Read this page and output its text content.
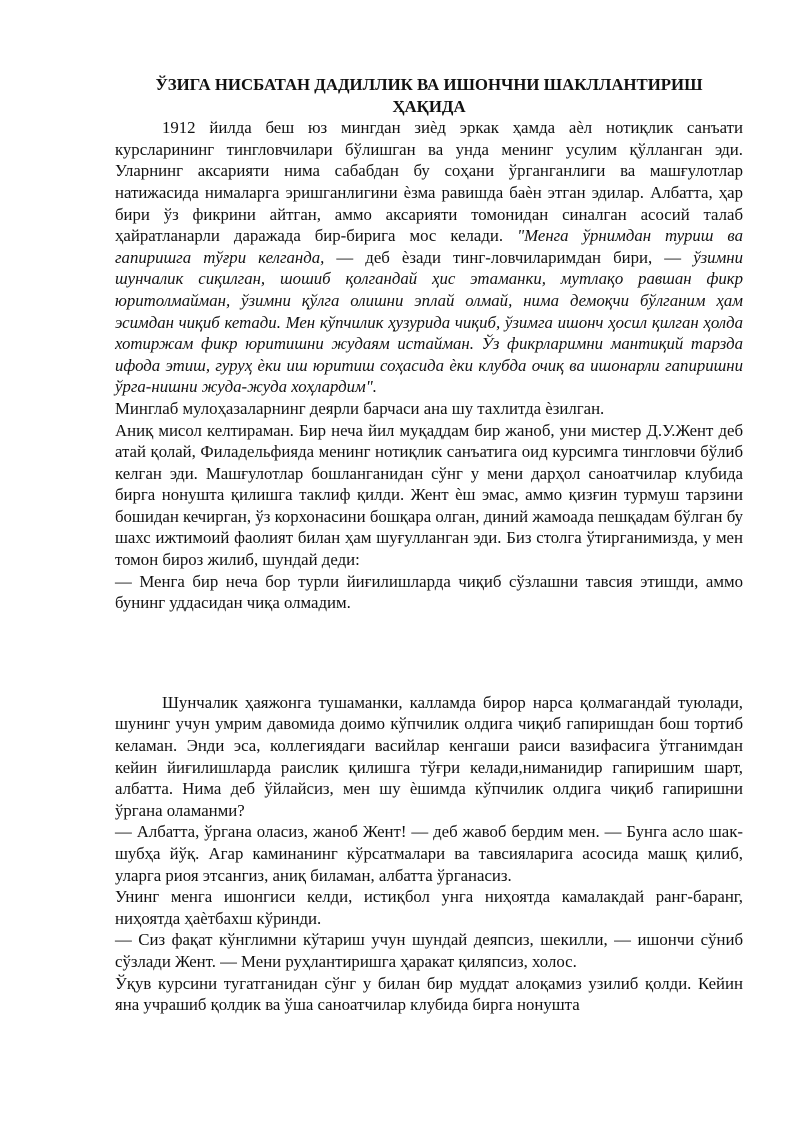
ЎЗИГА НИСБАТАН ДАДИЛЛИК ВА ИШОНЧНИ ШАКЛЛАНТИРИШ
ҲАҚИДА

1912 йилда беш юз мингдан зиѐд эркак ҳамда аѐл нотиқлик санъати курсларининг тингловчилари бўлишган ва унда менинг усулим қўлланган эди. Уларнинг аксарияти нима сабабдан бу соҳани ўрганганлиги ва машғулотлар натижасида нималарга эришганлигини ѐзма равишда баѐн этган эдилар. Албатта, ҳар бири ўз фикрини айтган, аммо аксарияти томонидан синалган асосий талаб ҳайратланарли даражада бир-бирига мос келади. "Менга ўрнимдан туриш ва гапиришга тўғри келганда, — деб ѐзади тинг-ловчиларимдан бири, — ўзимни шунчалик сиқилган, шошиб қолгандай ҳис этаманки, мутлақо равшан фикр юритолмайман, ўзимни қўлга олишни эплай олмай, нима демоқчи бўлганим ҳам эсимдан чиқиб кетади. Мен кўпчилик ҳузурида чиқиб, ўзимга ишонч ҳосил қилган ҳолда хотиржам фикр юритишни жудаям истайман. Ўз фикрларимни мантиқий тарзда ифода этиш, гуруҳ ѐки иш юритиш соҳасида ѐки клубда очиқ ва ишонарли гапиришни ўрга-нишни жуда-жуда хоҳлардим".

Минглаб мулоҳазаларнинг деярли барчаси ана шу тахлитда ѐзилган.

Аниқ мисол келтираман. Бир неча йил муқаддам бир жаноб, уни мистер Д.У.Жент деб атай қолай, Филадельфияда менинг нотиқлик санъатига оид курсимга тингловчи бўлиб келган эди. Машғулотлар бошланганидан сўнг у мени дарҳол саноатчилар клубида бирга нонушта қилишга таклиф қилди. Жент ѐш эмас, аммо қизғин турмуш тарзини бошидан кечирган, ўз корхонасини бошқара олган, диний жамоада пешқадам бўлган бу шахс ижтимоий фаолият билан ҳам шуғулланган эди. Биз столга ўтирганимизда, у мен томон бироз жилиб, шундай деди:

— Менга бир неча бор турли йиғилишларда чиқиб сўзлашни тавсия этишди, аммо бунинг уддасидан чиқа олмадим.

Шунчалик ҳаяжонга тушаманки, калламда бирор нарса қолмагандай туюлади, шунинг учун умрим давомида доимо кўпчилик олдига чиқиб гапиришдан бош тортиб келаман. Энди эса, коллегиядаги васийлар кенгаши раиси вазифасига ўтганимдан кейин йиғилишларда раислик қилишга тўғри келади,ниманидир гапиришим шарт, албатта. Нима деб ўйлайсиз, мен шу ѐшимда кўпчилик олдига чиқиб гапиришни ўргана оламанми?

— Албатта, ўргана оласиз, жаноб Жент! — деб жавоб бердим мен. — Бунга асло шак-шубҳа йўқ. Агар каминанинг кўрсатмалари ва тавсияларига асосида машқ қилиб, уларга риоя этсангиз, аниқ биламан, албатта ўрганасиз.

Унинг менга ишонгиси келди, истиқбол унга ниҳоятда камалакдай ранг-баранг, ниҳоятда ҳаѐтбахш кўринди.

— Сиз фақат кўнглимни кўтариш учун шундай деяпсиз, шекилли, — ишончи сўниб сўзлади Жент. — Мени руҳлантиришга ҳаракат қиляпсиз, холос.

Ўқув курсини тугатганидан сўнг у билан бир муддат алоқамиз узилиб қолди. Кейин яна учрашиб қолдик ва ўша саноатчилар клубида бирга нонушта
